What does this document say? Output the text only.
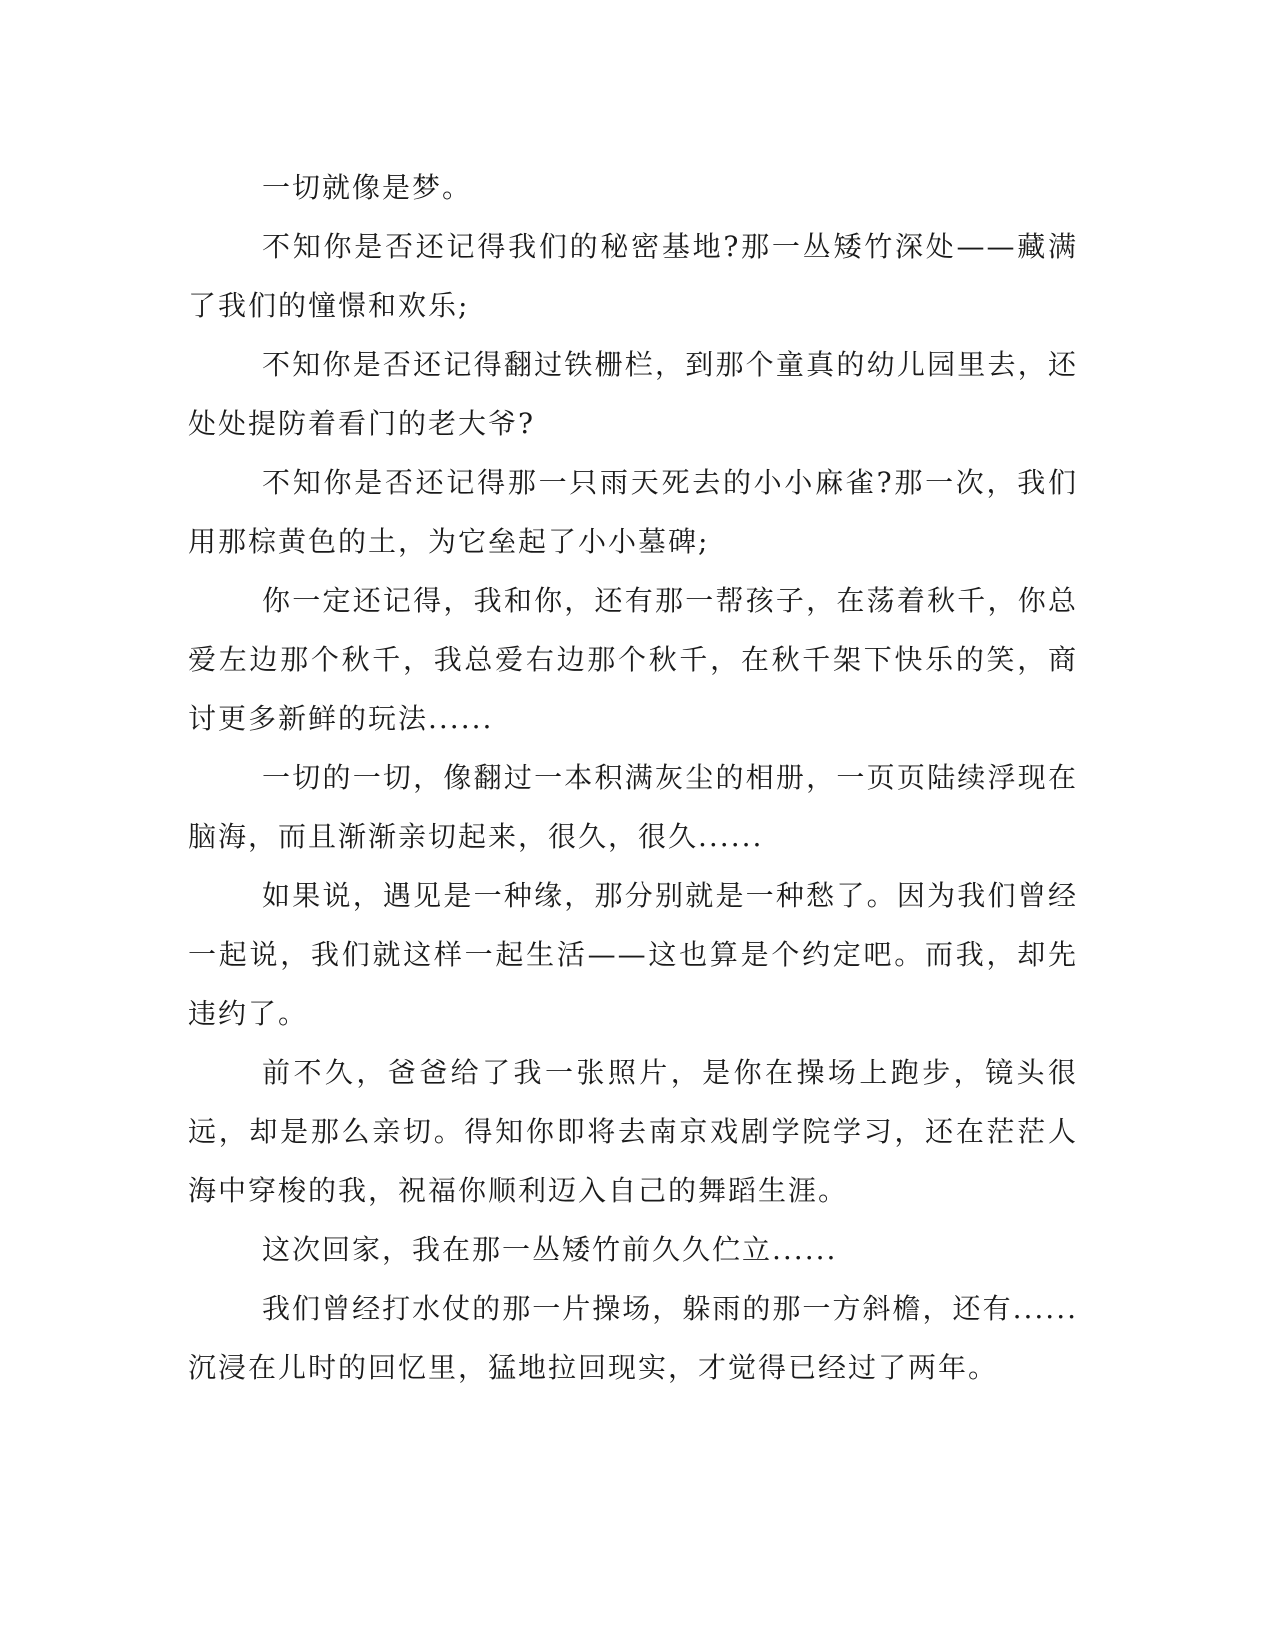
一切就像是梦。

不知你是否还记得我们的秘密基地?那一丛矮竹深处——藏满了我们的憧憬和欢乐;

不知你是否还记得翻过铁栅栏，到那个童真的幼儿园里去，还处处提防着看门的老大爷?

不知你是否还记得那一只雨天死去的小小麻雀?那一次，我们用那棕黄色的土，为它垒起了小小墓碑;

你一定还记得，我和你，还有那一帮孩子，在荡着秋千，你总爱左边那个秋千，我总爱右边那个秋千，在秋千架下快乐的笑，商讨更多新鲜的玩法......

一切的一切，像翻过一本积满灰尘的相册，一页页陆续浮现在脑海，而且渐渐亲切起来，很久，很久......

如果说，遇见是一种缘，那分别就是一种愁了。因为我们曾经一起说，我们就这样一起生活——这也算是个约定吧。而我，却先违约了。

前不久，爸爸给了我一张照片，是你在操场上跑步，镜头很远，却是那么亲切。得知你即将去南京戏剧学院学习，还在茫茫人海中穿梭的我，祝福你顺利迈入自己的舞蹈生涯。

这次回家，我在那一丛矮竹前久久伫立......

我们曾经打水仗的那一片操场，躲雨的那一方斜檐，还有......沉浸在儿时的回忆里，猛地拉回现实，才觉得已经过了两年。
